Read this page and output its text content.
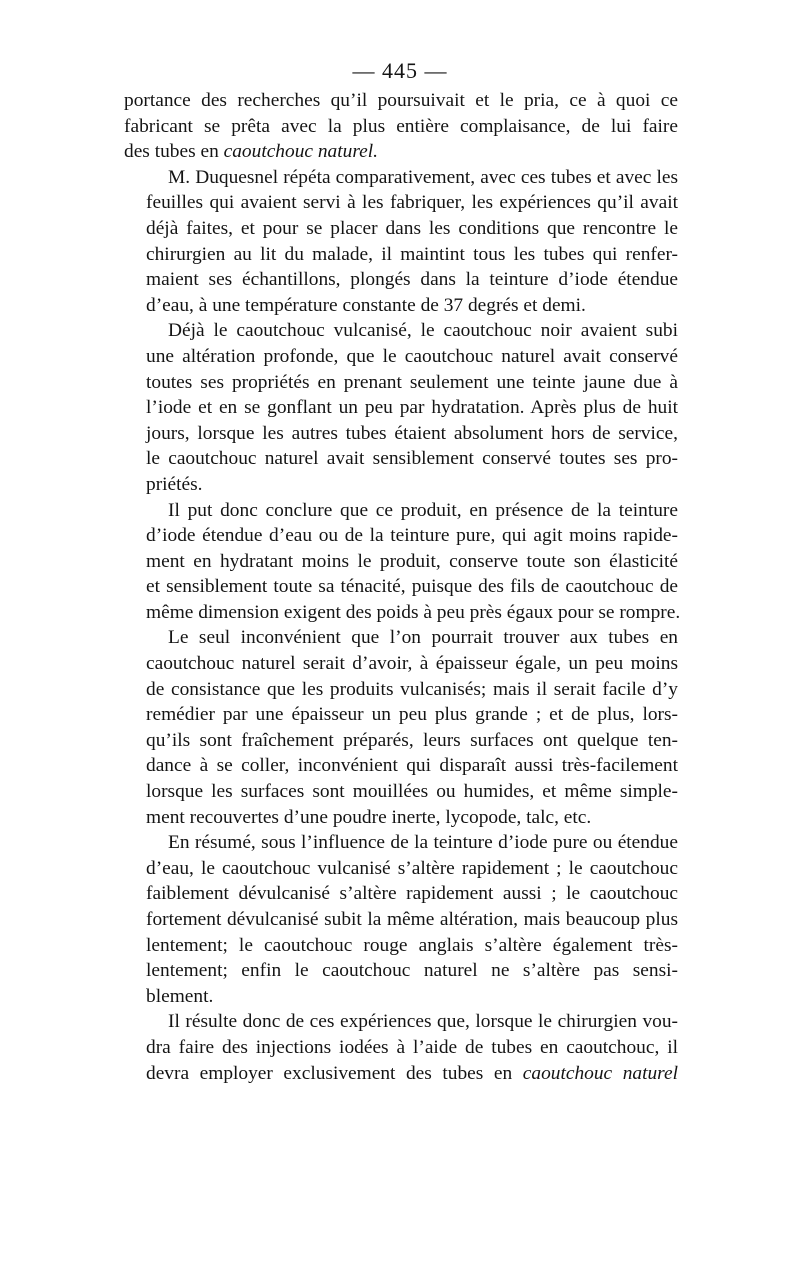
— 445 —

portance des recherches qu’il poursuivait et le pria, ce à quoi ce
fabricant se prêta avec la plus entière complaisance, de lui faire
des tubes en caoutchouc naturel.

M. Duquesnel répéta comparativement, avec ces tubes et avec les
feuilles qui avaient servi à les fabriquer, les expériences qu’il avait
déjà faites, et pour se placer dans les conditions que rencontre le
chirurgien au lit du malade, il maintint tous les tubes qui renfer-
maient ses échantillons, plongés dans la teinture d’iode étendue
d’eau, à une température constante de 37 degrés et demi.

Déjà le caoutchouc vulcanisé, le caoutchouc noir avaient subi
une altération profonde, que le caoutchouc naturel avait conservé
toutes ses propriétés en prenant seulement une teinte jaune due à
l’iode et en se gonflant un peu par hydratation. Après plus de huit
jours, lorsque les autres tubes étaient absolument hors de service,
le caoutchouc naturel avait sensiblement conservé toutes ses pro-
priétés.

Il put donc conclure que ce produit, en présence de la teinture
d’iode étendue d’eau ou de la teinture pure, qui agit moins rapide-
ment en hydratant moins le produit, conserve toute son élasticité
et sensiblement toute sa ténacité, puisque des fils de caoutchouc de
même dimension exigent des poids à peu près égaux pour se rompre.

Le seul inconvénient que l’on pourrait trouver aux tubes en
caoutchouc naturel serait d’avoir, à épaisseur égale, un peu moins
de consistance que les produits vulcanisés; mais il serait facile d’y
remédier par une épaisseur un peu plus grande ; et de plus, lors-
qu’ils sont fraîchement préparés, leurs surfaces ont quelque ten-
dance à se coller, inconvénient qui disparaît aussi très-facilement
lorsque les surfaces sont mouillées ou humides, et même simple-
ment recouvertes d’une poudre inerte, lycopode, talc, etc.

En résumé, sous l’influence de la teinture d’iode pure ou étendue
d’eau, le caoutchouc vulcanisé s’altère rapidement ; le caoutchouc
faiblement dévulcanisé s’altère rapidement aussi ; le caoutchouc
fortement dévulcanisé subit la même altération, mais beaucoup plus
lentement; le caoutchouc rouge anglais s’altère également très-
lentement; enfin le caoutchouc naturel ne s’altère pas sensi-
blement.

Il résulte donc de ces expériences que, lorsque le chirurgien vou-
dra faire des injections iodées à l’aide de tubes en caoutchouc, il
devra employer exclusivement des tubes en caoutchouc naturel
